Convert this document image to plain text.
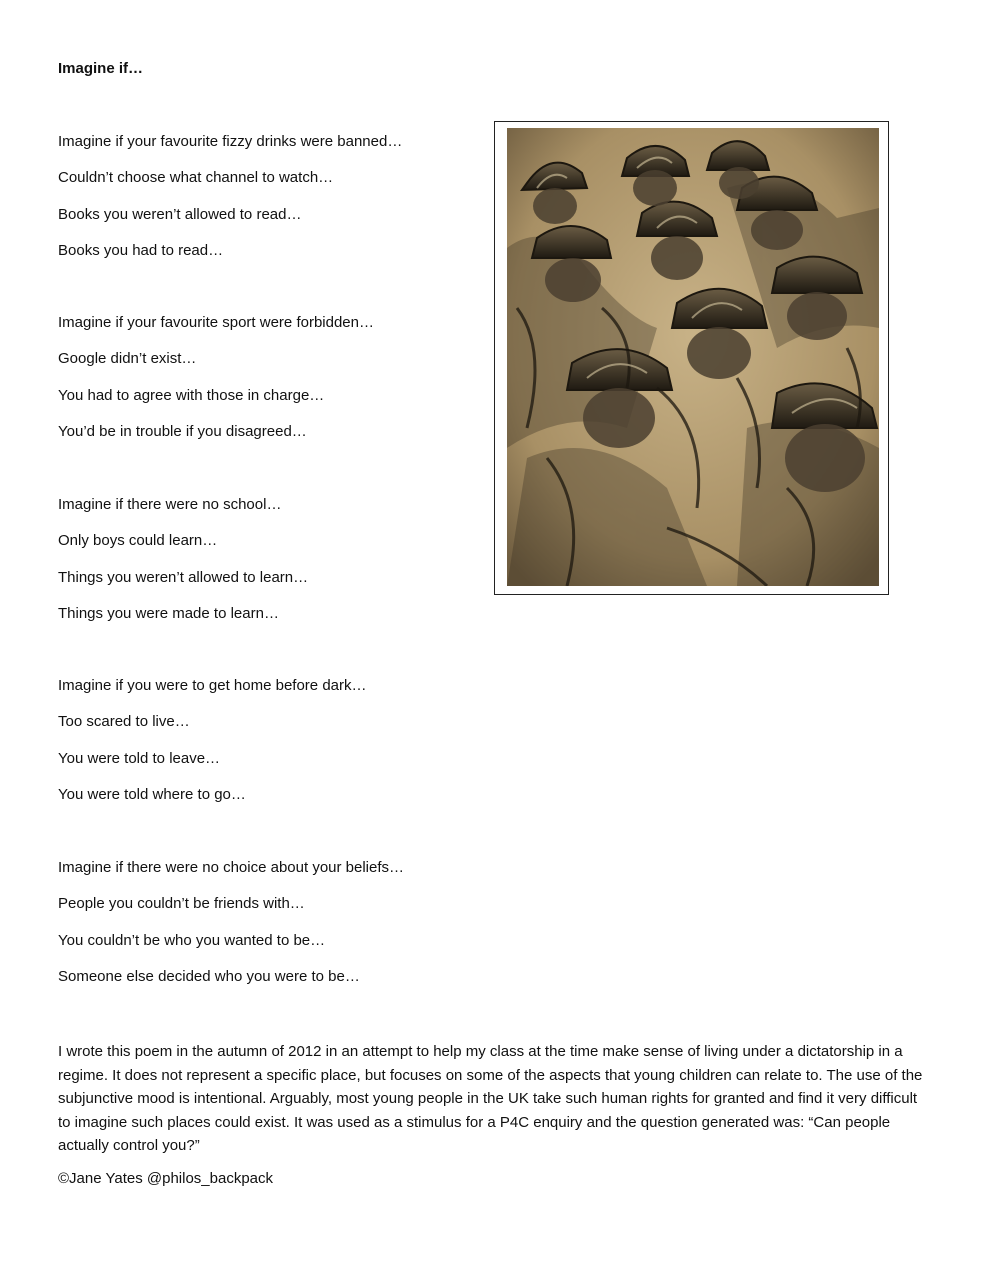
Imagine if…
Imagine if your favourite fizzy drinks were banned…
Couldn’t choose what channel to watch…
Books you weren’t allowed to read…
Books you had to read…
Imagine if your favourite sport were forbidden…
Google didn’t exist…
You had to agree with those in charge…
You’d be in trouble if you disagreed…
Imagine if there were no school…
Only boys could learn…
Things you weren’t allowed to learn…
Things you were made to learn…
Imagine if you were to get home before dark…
Too scared to live…
You were told to leave…
You were told where to go…
Imagine if there were no choice about your beliefs…
People you couldn’t be friends with…
You couldn’t be who you wanted to be…
Someone else decided who you were to be…

I wrote this poem in the autumn of 2012 in an attempt to help my class at the time make sense of living under a dictatorship in a regime. It does not represent a specific place, but focuses on some of the aspects that young children can relate to. The use of the subjunctive mood is intentional. Arguably, most young people in the UK take such human rights for granted and find it very difficult to imagine such places could exist. It was used as a stimulus for a P4C enquiry and the question generated was: “Can people actually control you?”

©Jane Yates @philos_backpack
